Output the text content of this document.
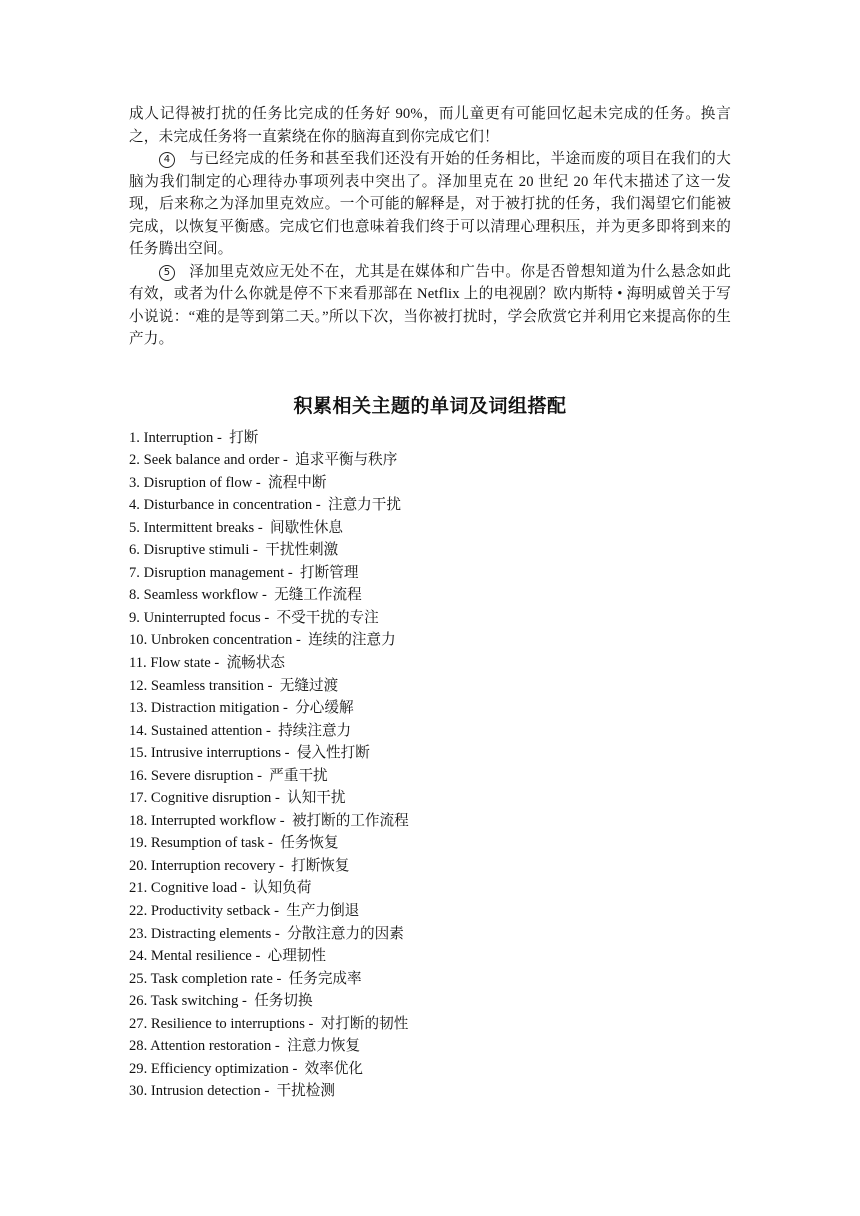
成人记得被打扰的任务比完成的任务好 90%，而儿童更有可能回忆起未完成的任务。换言之，未完成任务将一直萦绕在你的脑海直到你完成它们！

4 与已经完成的任务和甚至我们还没有开始的任务相比，半途而废的项目在我们的大脑为我们制定的心理待办事项列表中突出了。泽加里克在 20 世纪 20 年代末描述了这一发现，后来称之为泽加里克效应。一个可能的解释是，对于被打扰的任务，我们渴望它们能被完成，以恢复平衡感。完成它们也意味着我们终于可以清理心理积压，并为更多即将到来的任务腾出空间。

5 泽加里克效应无处不在，尤其是在媒体和广告中。你是否曾想知道为什么悬念如此有效，或者为什么你就是停不下来看那部在 Netflix 上的电视剧？欧内斯特 • 海明威曾关于写小说说：“难的是等到第二天。”所以下次，当你被打扰时，学会欣赏它并利用它来提高你的生产力。

积累相关主题的单词及词组搭配
1. Interruption -  打断
2. Seek balance and order -  追求平衡与秩序
3. Disruption of flow -  流程中断
4. Disturbance in concentration -  注意力干扰
5. Intermittent breaks -  间歇性休息
6. Disruptive stimuli -  干扰性刺激
7. Disruption management -  打断管理
8. Seamless workflow -  无缝工作流程
9. Uninterrupted focus -  不受干扰的专注
10. Unbroken concentration -  连续的注意力
11. Flow state -  流畅状态
12. Seamless transition -  无缝过渡
13. Distraction mitigation -  分心缓解
14. Sustained attention -  持续注意力
15. Intrusive interruptions -  侵入性打断
16. Severe disruption -  严重干扰
17. Cognitive disruption -  认知干扰
18. Interrupted workflow -  被打断的工作流程
19. Resumption of task -  任务恢复
20. Interruption recovery -  打断恢复
21. Cognitive load -  认知负荷
22. Productivity setback -  生产力倒退
23. Distracting elements -  分散注意力的因素
24. Mental resilience -  心理韧性
25. Task completion rate -  任务完成率
26. Task switching -  任务切换
27. Resilience to interruptions -  对打断的韧性
28. Attention restoration -  注意力恢复
29. Efficiency optimization -  效率优化
30. Intrusion detection -  干扰检测
